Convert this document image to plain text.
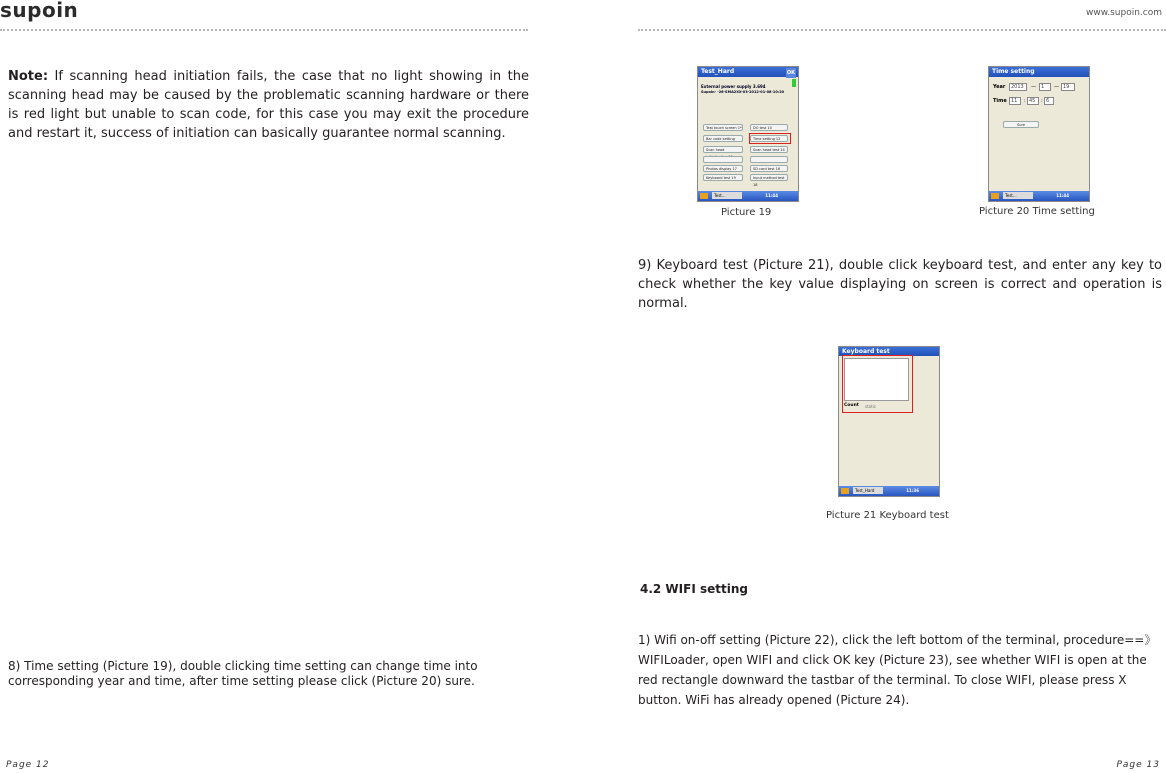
supoin	www.supoin.com

Note: If scanning head initiation fails, the case that no light showing in the scanning head may be caused by the problematic scanning hardware or there is red light but unable to scan code, for this case you may exit the procedure and restart it, success of initiation can basically guarantee normal scanning.

8) Time setting (Picture 19), double clicking time setting can change time into corresponding year and time, after time setting please click (Picture 20) sure.

Page 12
Test_Hard	OK
External power supply 3.694
Supoin- -26-SMA2XX-03-2012-01-08-10:20
Test touch screen 1*
Bar code setting
Scan head
Photos display 17
Keyboard test 19
DO test 10
Time setting 12
Scan head test 14
SD card test 16
Input method test 18
Test...	11:44
Picture 19
Time setting
Year	2013	—	1	— 19
Time 11	: 45	: 6
Sure
Test...	11:44
Picture 20 Time setting

9) Keyboard test (Picture 21), double click keyboard test, and enter any key to check whether the key value displaying on screen is correct and operation is normal.

Keyboard test
Count static
Test_Hard	11:36
Picture 21 Keyboard test
4.2 WIFI setting

1) Wifi on-off setting (Picture 22), click the left bottom of the terminal, procedure==》WIFILoader, open WIFI and click OK key (Picture 23), see whether WIFI is open at the red rectangle downward the tastbar of the terminal. To close WIFI, please press X button. WiFi has already opened (Picture 24).

Page 13
